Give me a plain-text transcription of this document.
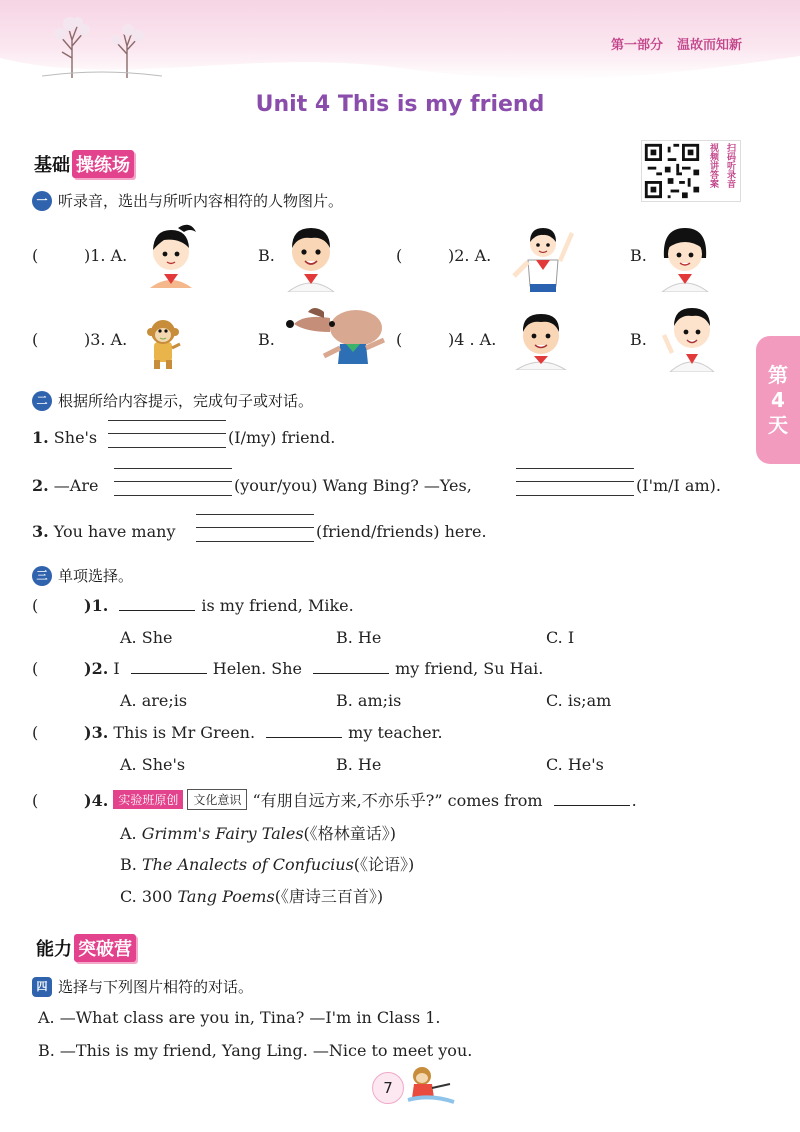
第一部分 温故而知新
Unit 4 This is my friend
基础 操练场
扫码听录音
视频讲答案
一 听录音，选出与所听内容相符的人物图片。
(	)1. A.	B.	(	)2. A.	B.
(	)3. A.	B.	(	)4 . A.	B.
第
4
天
二 根据所给内容提示，完成句子或对话。
1. She's	(I/my) friend.
2. —Are	(your/you) Wang Bing? —Yes,	(I'm/I am).
3. You have many	(friend/friends) here.
三 单项选择。
(	)1.	is my friend, Mike.
A. She	B. He	C. I
(	)2. I	Helen. She	my friend, Su Hai.
A. are;is	B. am;is	C. is;am
(	)3. This is Mr Green.	my teacher.
A. She's	B. He	C. He's
(	)4. 实验班原创 文化意识 “有朋自远方来,不亦乐乎?” comes from	.
A. Grimm's Fairy Tales(《格林童话》)
B. The Analects of Confucius(《论语》)
C. 300 Tang Poems(《唐诗三百首》)
能力 突破营
四 选择与下列图片相符的对话。
A. —What class are you in, Tina? —I'm in Class 1.
B. —This is my friend, Yang Ling. —Nice to meet you.
7
